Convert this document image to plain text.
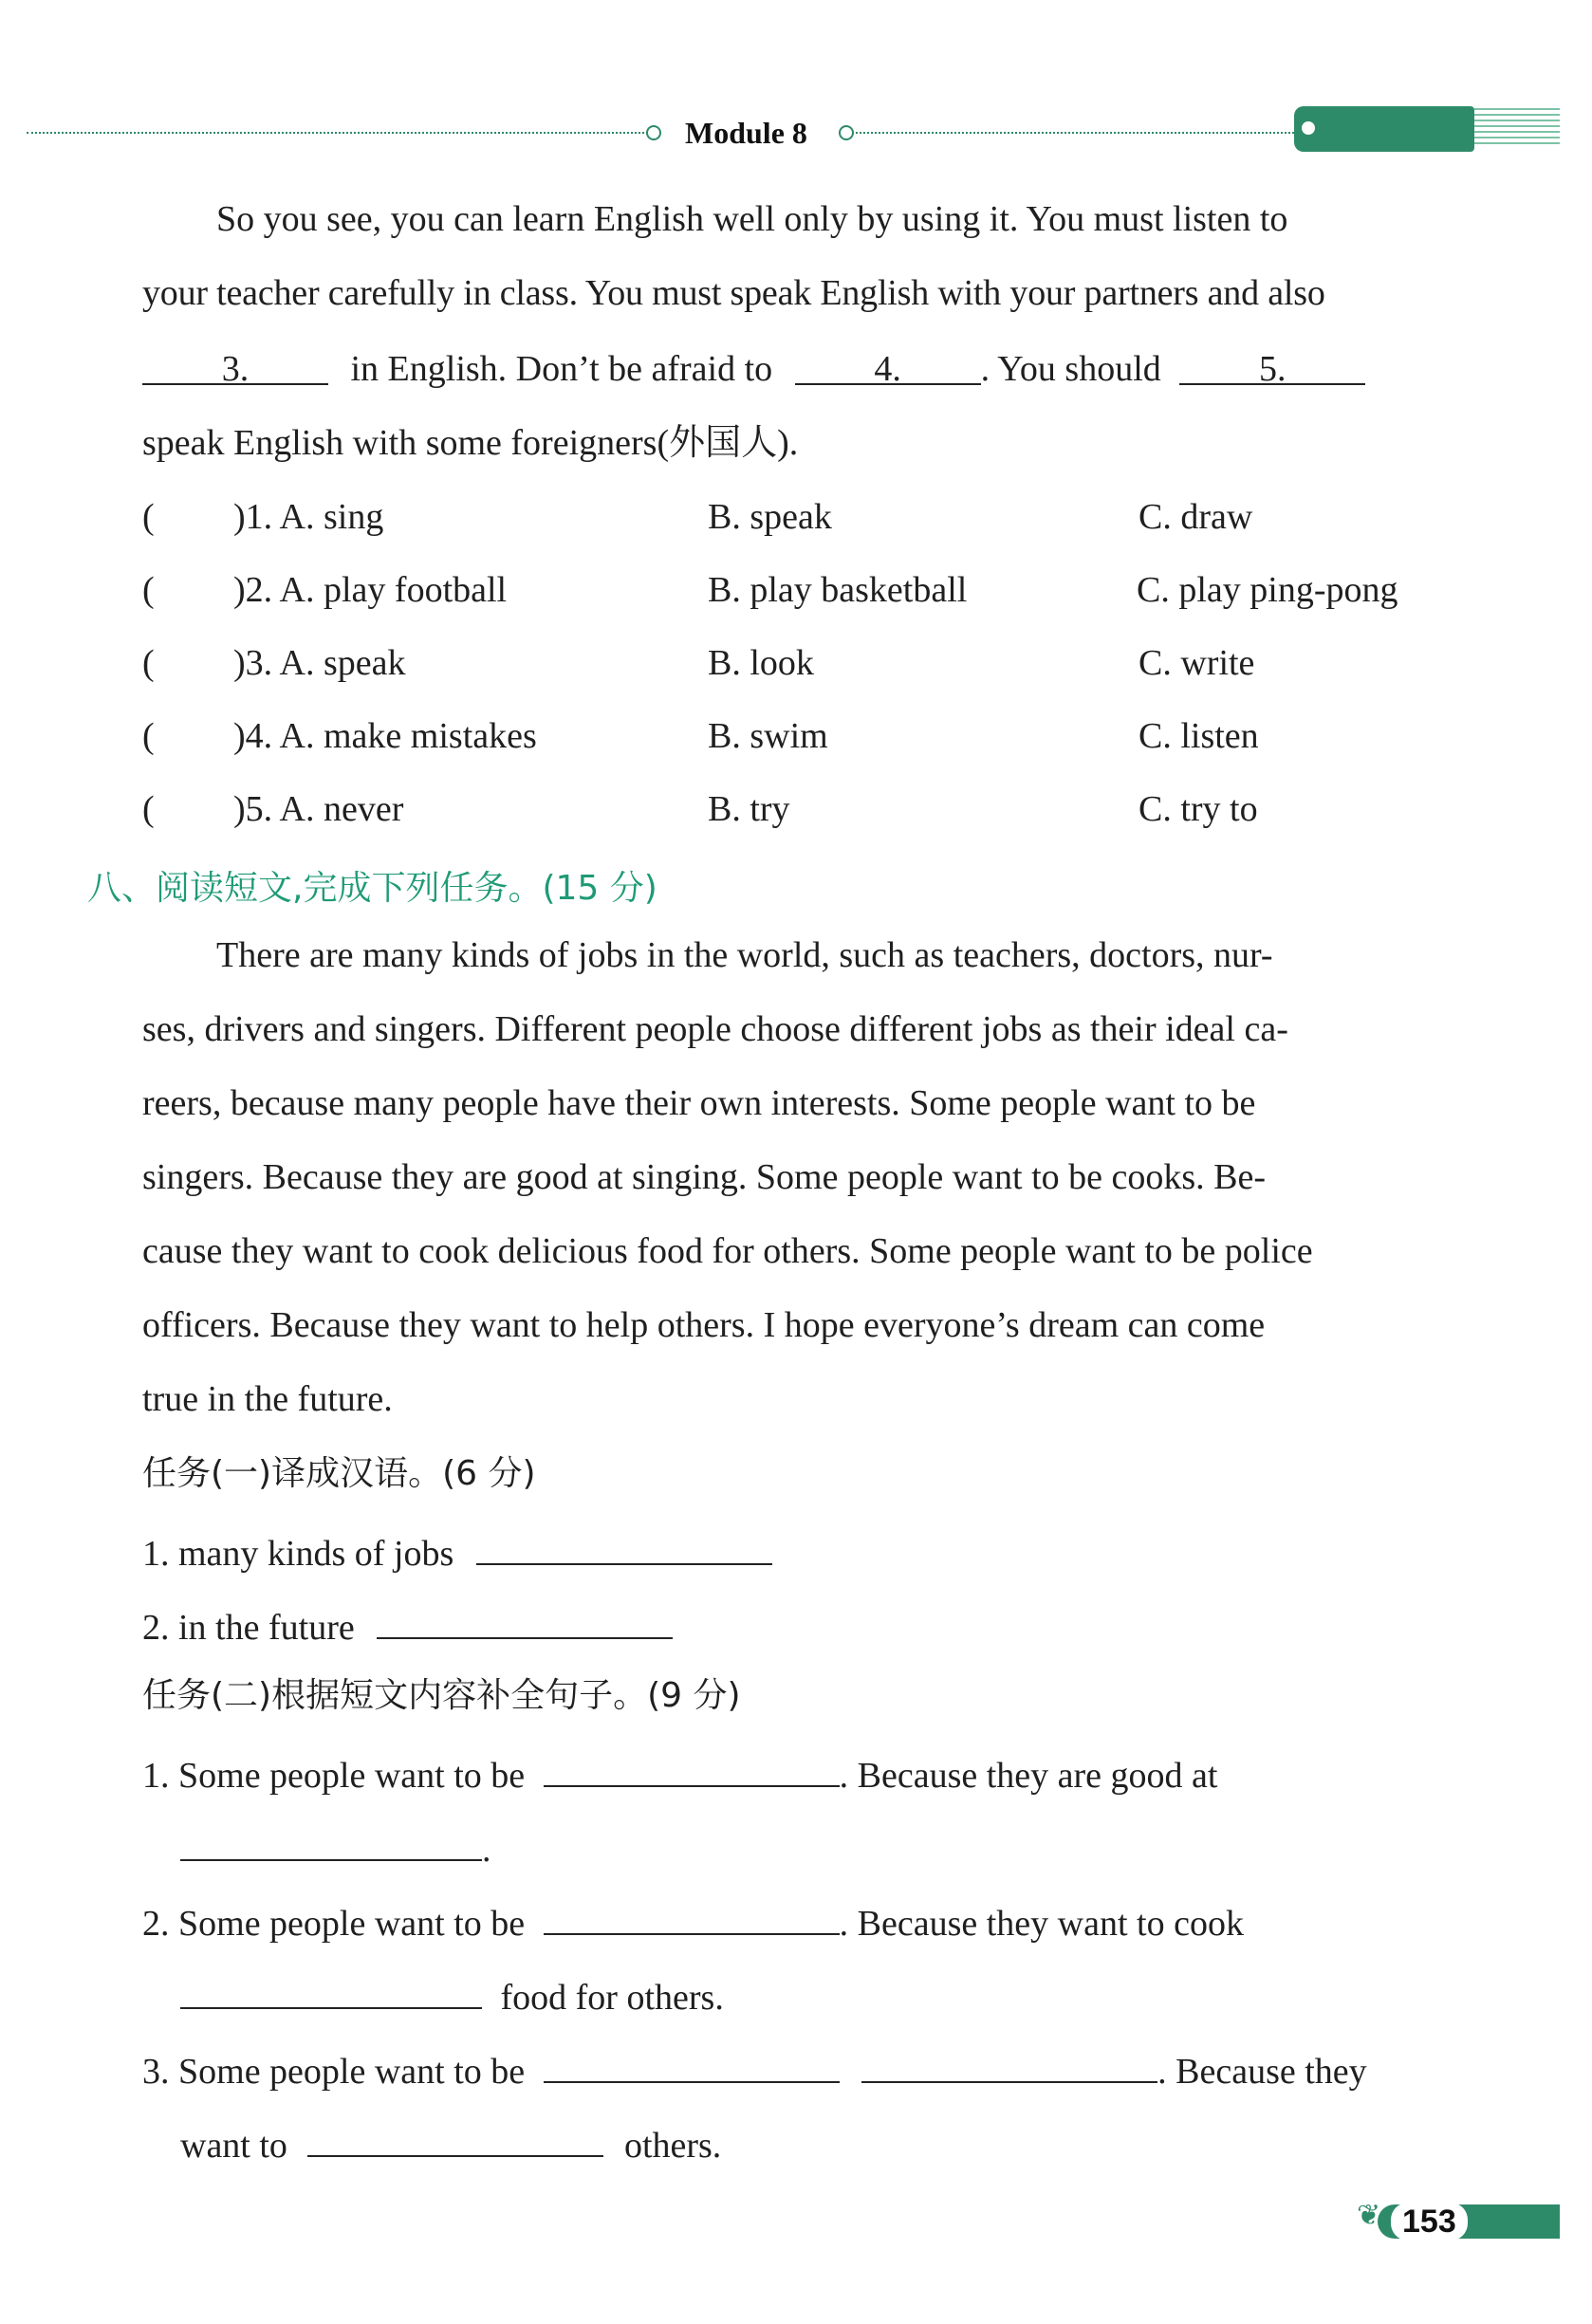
Module 8
So you see, you can learn English well only by using it. You must listen to
your teacher carefully in class. You must speak English with your partners and also
3.	in English. Don’t be afraid to	4. . You should	5.
speak English with some foreigners(外国人).
( )1. A. sing	B. speak	C. draw
( )2. A. play football	B. play basketball	C. play ping-pong
( )3. A. speak	B. look	C. write
( )4. A. make mistakes	B. swim	C. listen
( )5. A. never	B. try	C. try to
八、阅读短文,完成下列任务。(15 分)
There are many kinds of jobs in the world, such as teachers, doctors, nur-
ses, drivers and singers. Different people choose different jobs as their ideal ca-
reers, because many people have their own interests. Some people want to be
singers. Because they are good at singing. Some people want to be cooks. Be-
cause they want to cook delicious food for others. Some people want to be police
officers. Because they want to help others. I hope everyone’s dream can come
true in the future.
任务(一)译成汉语。(6 分)
1. many kinds of jobs
2. in the future
任务(二)根据短文内容补全句子。(9 分)
1. Some people want to be	. Because they are good at
.
2. Some people want to be	. Because they want to cook
food for others.
3. Some people want to be	. Because they
want to	others.
❦ 153
